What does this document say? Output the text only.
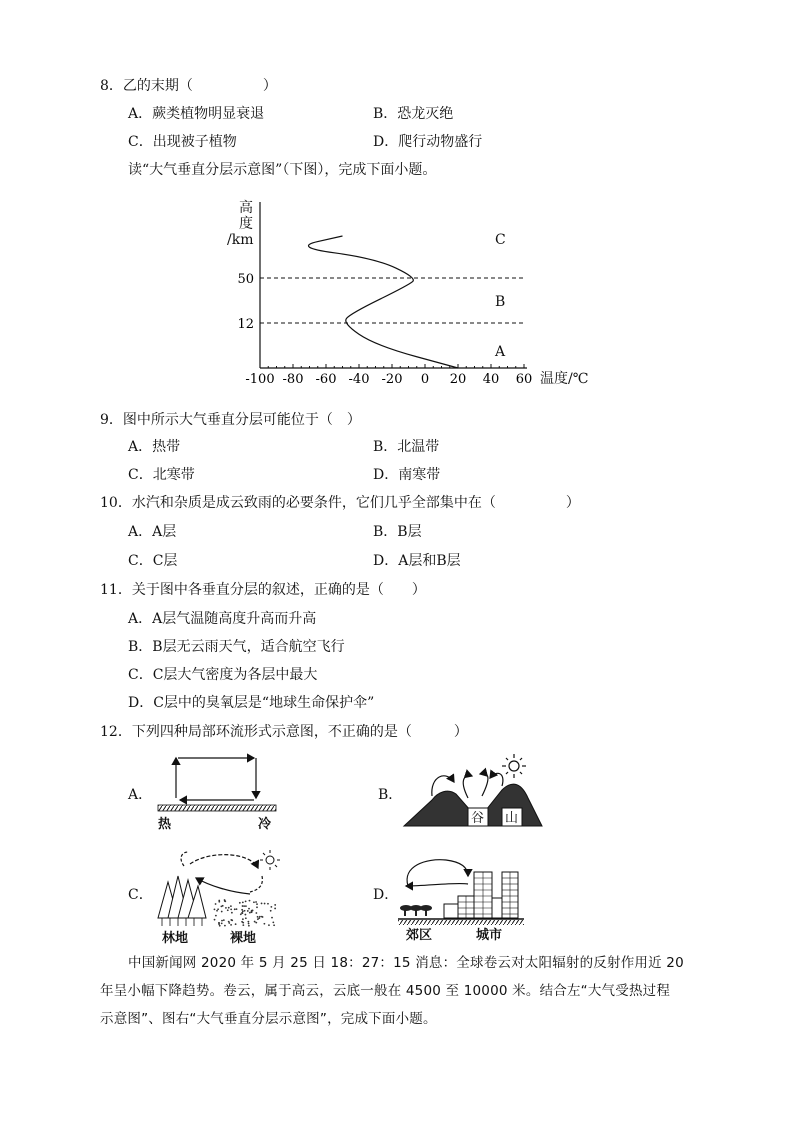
8．乙的末期（　　　　　）
A．蕨类植物明显衰退	B．恐龙灭绝
C．出现被子植物	D．爬行动物盛行
读“大气垂直分层示意图”（下图），完成下面小题。
高
度
/km
-100 -80 -60 -40 -20 0 20 40 60
12
50
A
B
C
温度/℃
9．图中所示大气垂直分层可能位于（　）
A．热带	B．北温带
C．北寒带	D．南寒带
10．水汽和杂质是成云致雨的必要条件，它们几乎全部集中在（　　　　　）
A．A层	B．B层
C．C层	D．A层和B层
11．关于图中各垂直分层的叙述，正确的是（　　）
A．A层气温随高度升高而升高
B．B层无云雨天气，适合航空飞行
C．C层大气密度为各层中最大
D．C层中的臭氧层是“地球生命保护伞”
12．下列四种局部环流形式示意图，不正确的是（　　　）
A．	B．
C．	D．
热	冷	谷 山
林地	裸地	郊区	城市
中国新闻网 2020 年 5 月 25 日 18：27：15 消息：全球卷云对太阳辐射的反射作用近 20
年呈小幅下降趋势。卷云，属于高云，云底一般在 4500 至 10000 米。结合左“大气受热过程
示意图”、图右“大气垂直分层示意图”，完成下面小题。
